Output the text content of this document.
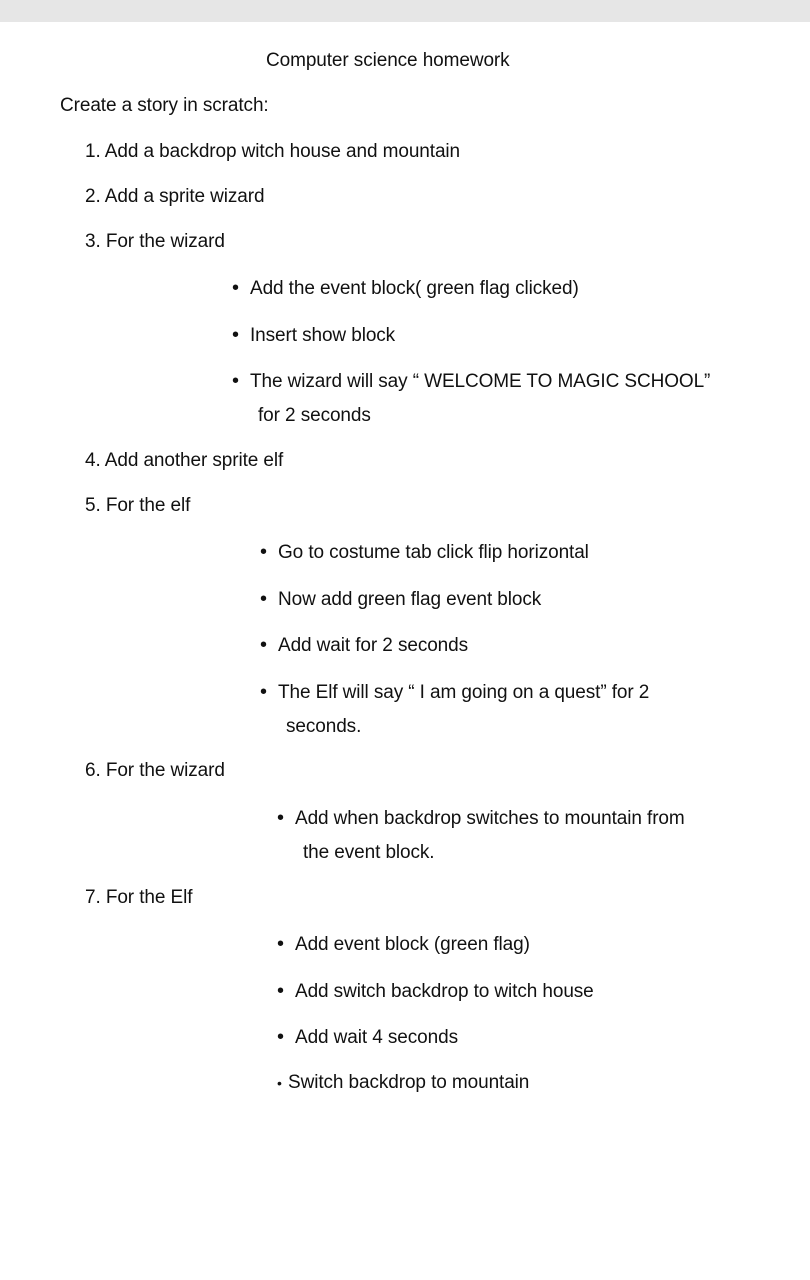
Computer science homework
Create a story in scratch:
1. Add a backdrop witch house and mountain
2. Add a sprite wizard
3. For the wizard
• Add the event block( green flag clicked)
• Insert show block
• The wizard will say “ WELCOME TO MAGIC SCHOOL”
for 2 seconds
4. Add another sprite elf
5. For the elf
• Go to costume tab click flip horizontal
• Now add green flag event block
• Add wait for 2 seconds
• The Elf will say “ I am going on a quest” for 2
seconds.
6. For the wizard
• Add when backdrop switches to mountain from
the event block.
7. For the Elf
• Add event block (green flag)
• Add switch backdrop to witch house
• Add wait 4 seconds
• Switch backdrop to mountain
